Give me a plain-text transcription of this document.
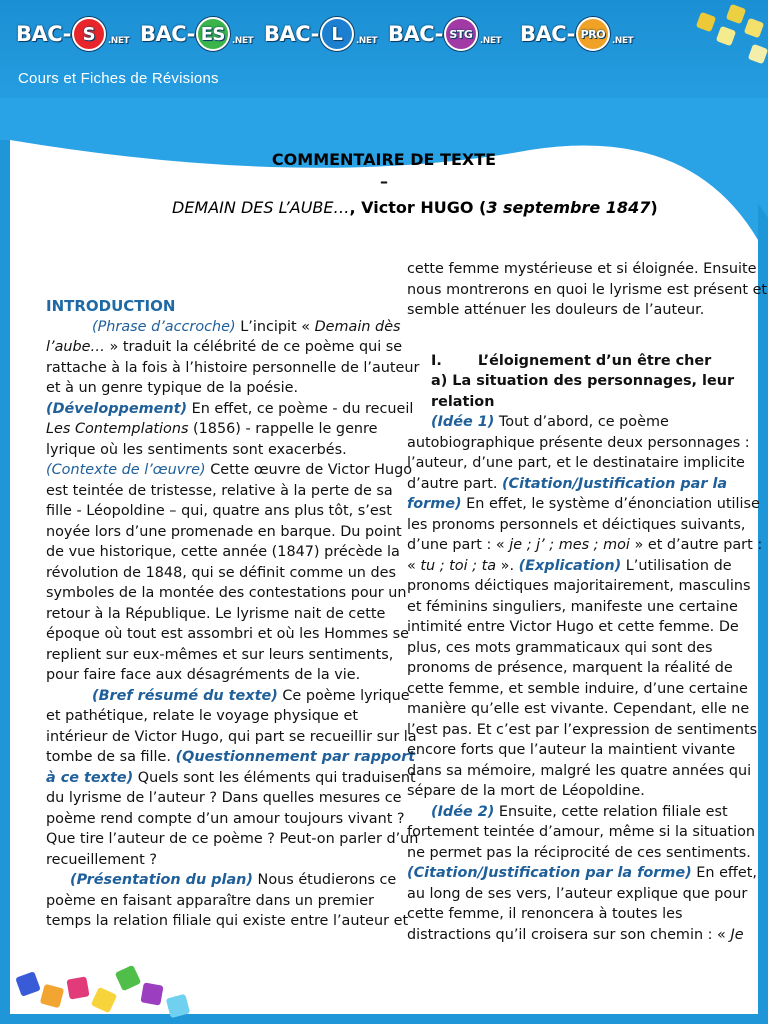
BAC- S	.NET BAC- ES .NET BAC- L	.NET BAC- STG
.NET BAC- PRO
.NET
Cours et Fiches de Révisions
COMMENTAIRE DE TEXTE
–
DEMAIN DES L’AUBE…, Victor HUGO (3 septembre 1847)

INTRODUCTION

(Phrase d’accroche) L’incipit « Demain dès l’aube… » traduit la célébrité de ce poème qui se rattache à la fois à l’histoire personnelle de l’auteur et à un genre typique de la poésie.

(Développement) En effet, ce poème - du recueil Les Contemplations (1856) - rappelle le genre lyrique où les sentiments sont exacerbés.

(Contexte de l’œuvre) Cette œuvre de Victor Hugo est teintée de tristesse, relative à la perte de sa fille - Léopoldine – qui, quatre ans plus tôt, s’est noyée lors d’une promenade en barque. Du point de vue historique, cette année (1847) précède la révolution de 1848, qui se définit comme un des symboles de la montée des contestations pour un retour à la République. Le lyrisme nait de cette époque où tout est assombri et où les Hommes se replient sur eux-mêmes et sur leurs sentiments, pour faire face aux désagréments de la vie.

(Bref résumé du texte) Ce poème lyrique et pathétique, relate le voyage physique et intérieur de Victor Hugo, qui part se recueillir sur la tombe de sa fille. (Questionnement par rapport à ce texte) Quels sont les éléments qui traduisent du lyrisme de l’auteur ? Dans quelles mesures ce poème rend compte d’un amour toujours vivant ? Que tire l’auteur de ce poème ? Peut-on parler d’un recueillement ?

(Présentation du plan) Nous étudierons ce poème en faisant apparaître dans un premier temps la relation filiale qui existe entre l’auteur et

cette femme mystérieuse et si éloignée. Ensuite nous montrerons en quoi le lyrisme est présent et semble atténuer les douleurs de l’auteur.

I.	L’éloignement d’un être cher

a) La situation des personnages, leur relation

(Idée 1) Tout d’abord, ce poème autobiographique présente deux personnages : l’auteur, d’une part, et le destinataire implicite d’autre part. (Citation/Justification par la forme) En effet, le système d’énonciation utilise les pronoms personnels et déictiques suivants, d’une part : « je ; j’ ; mes ; moi » et d’autre part : « tu ; toi ; ta ». (Explication) L’utilisation de pronoms déictiques majoritairement, masculins et féminins singuliers, manifeste une certaine intimité entre Victor Hugo et cette femme. De plus, ces mots grammaticaux qui sont des pronoms de présence, marquent la réalité de cette femme, et semble induire, d’une certaine manière qu’elle est vivante. Cependant, elle ne l’est pas. Et c’est par l’expression de sentiments encore forts que l’auteur la maintient vivante dans sa mémoire, malgré les quatre années qui sépare de la mort de Léopoldine.

(Idée 2) Ensuite, cette relation filiale est fortement teintée d’amour, même si la situation ne permet pas la réciprocité de ces sentiments. (Citation/Justification par la forme) En effet, au long de ses vers, l’auteur explique que pour cette femme, il renoncera à toutes les distractions qu’il croisera sur son chemin : « Je
